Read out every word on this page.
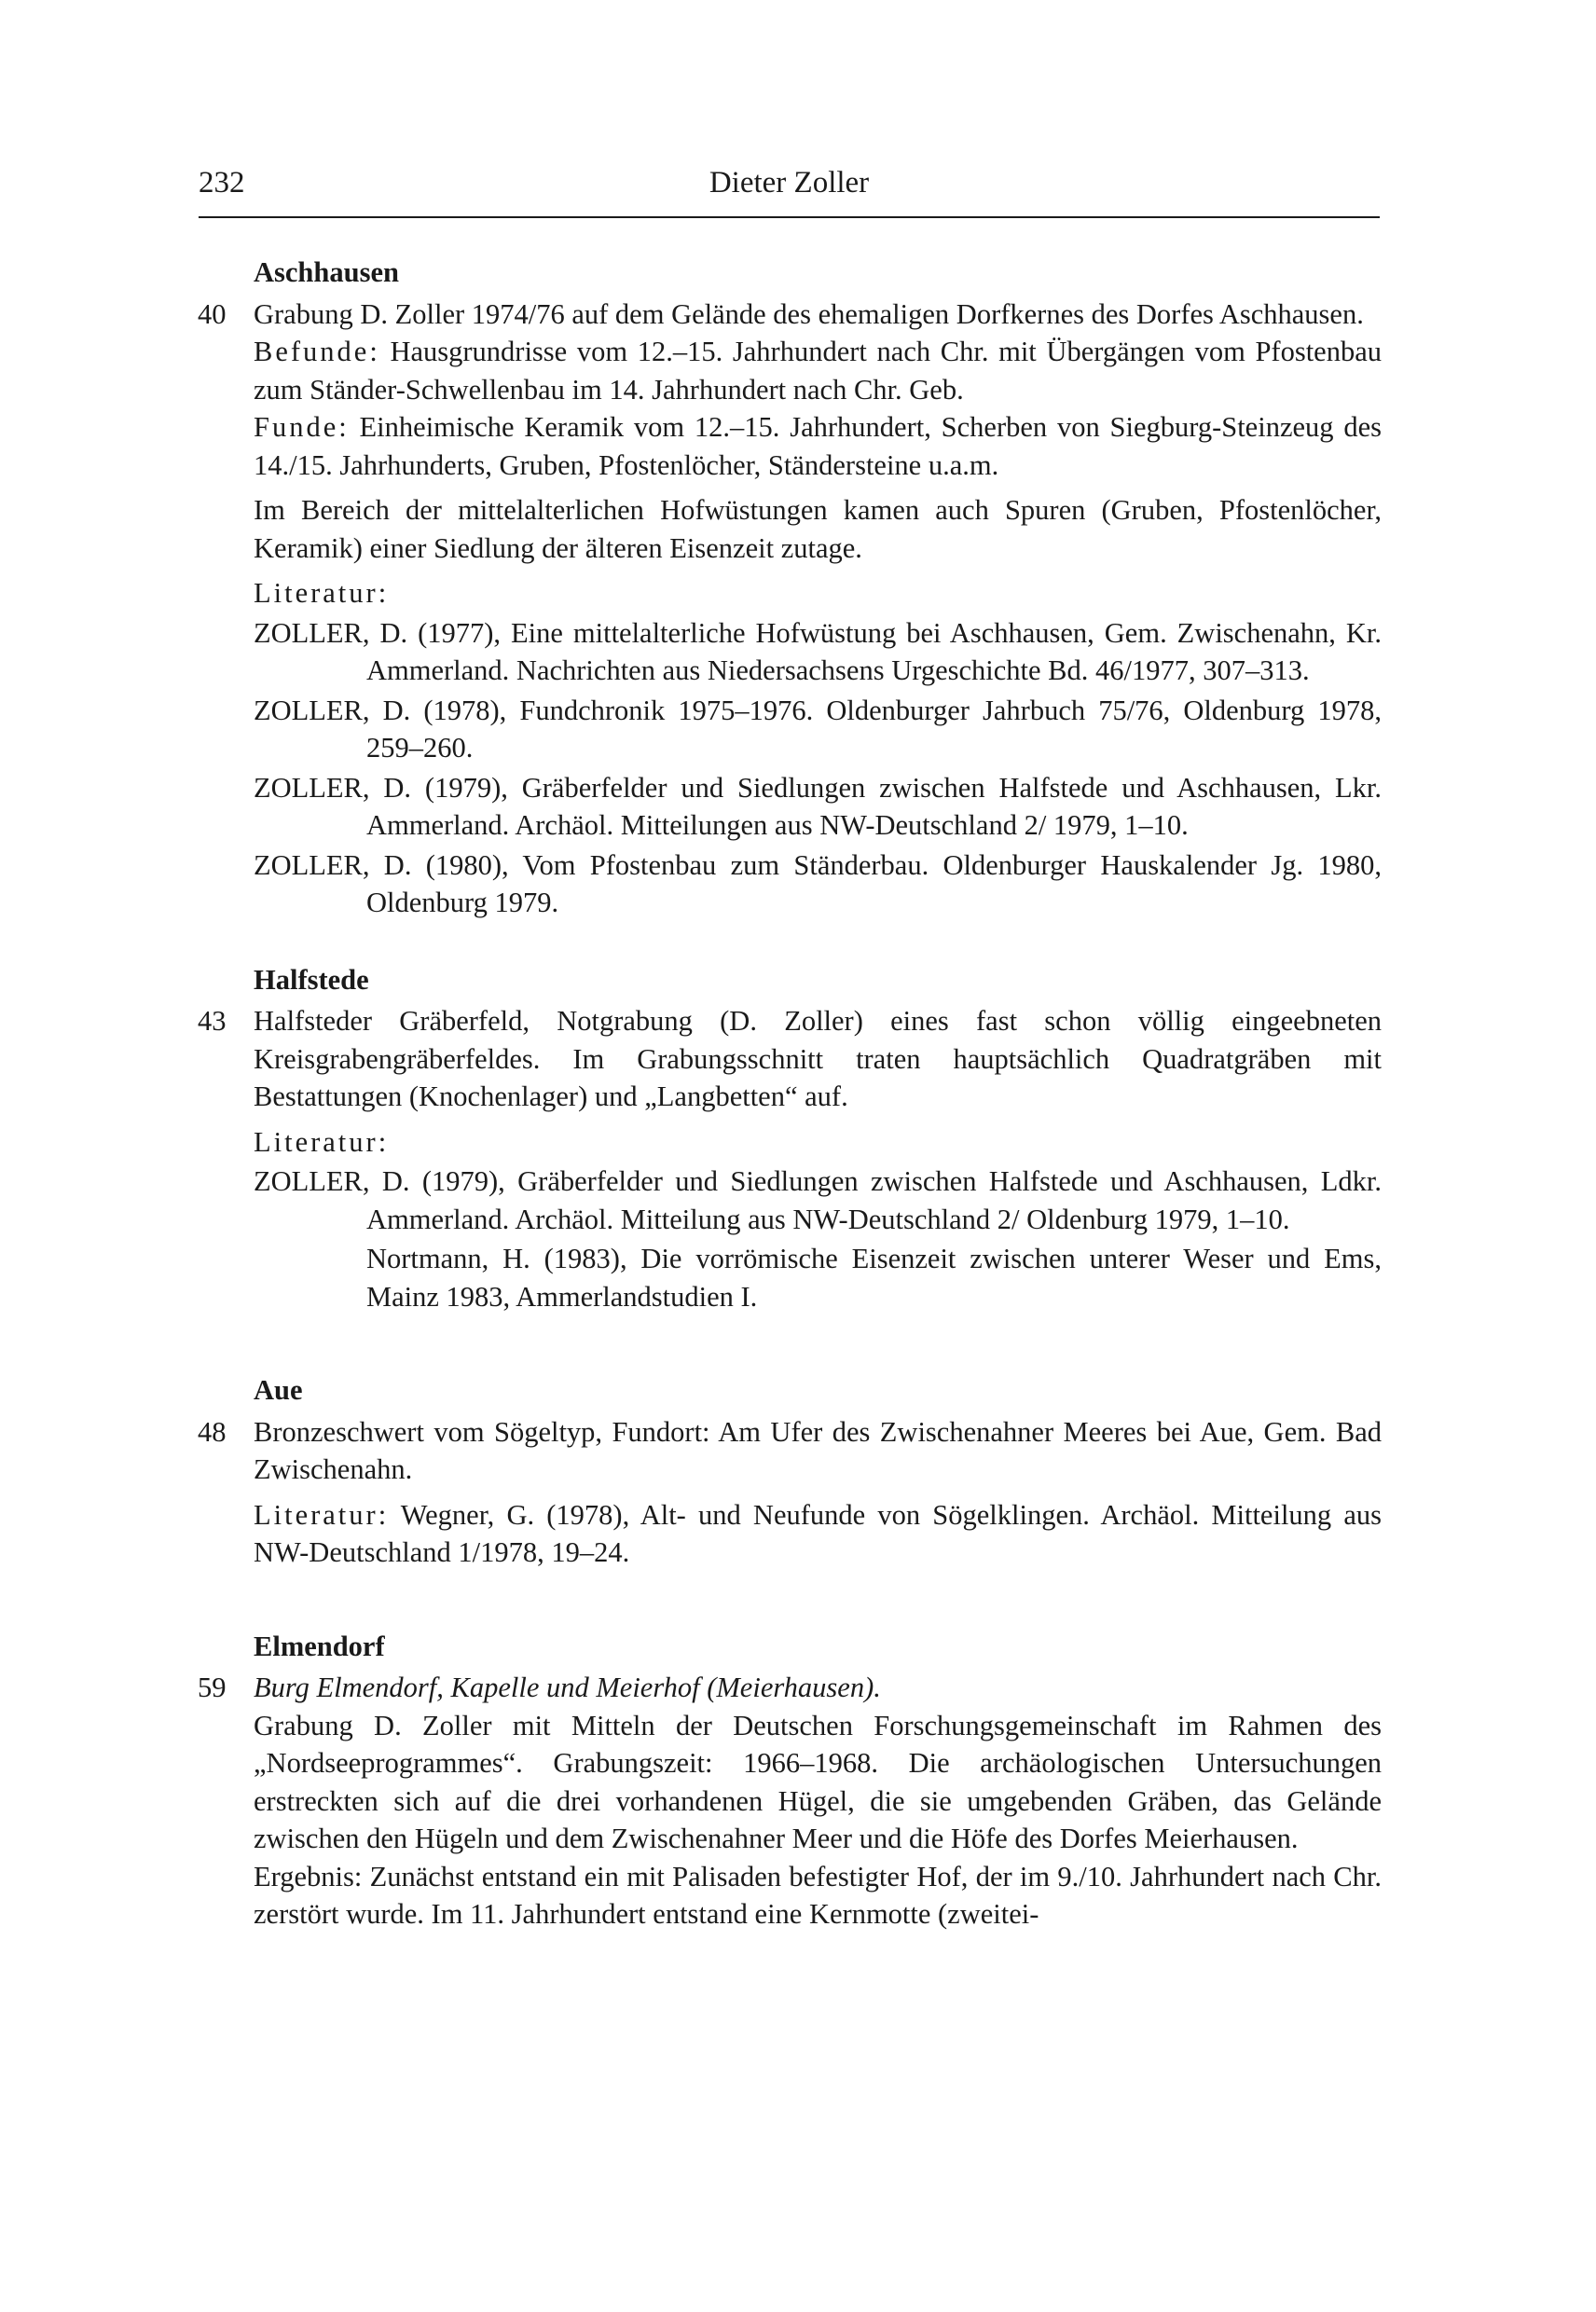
232	Dieter Zoller

Aschhausen

40 Grabung D. Zoller 1974/76 auf dem Gelände des ehemaligen Dorfkernes des Dorfes Aschhausen.

Befunde: Hausgrundrisse vom 12.–15. Jahrhundert nach Chr. mit Übergängen vom Pfostenbau zum Ständer-Schwellenbau im 14. Jahrhundert nach Chr. Geb.

Funde: Einheimische Keramik vom 12.–15. Jahrhundert, Scherben von Siegburg-Steinzeug des 14./15. Jahrhunderts, Gruben, Pfostenlöcher, Ständersteine u.a.m.

Im Bereich der mittelalterlichen Hofwüstungen kamen auch Spuren (Gruben, Pfostenlöcher, Keramik) einer Siedlung der älteren Eisenzeit zutage.

Literatur:

ZOLLER, D. (1977), Eine mittelalterliche Hofwüstung bei Aschhausen, Gem. Zwischenahn, Kr. Ammerland. Nachrichten aus Niedersachsens Urgeschichte Bd. 46/1977, 307–313.

ZOLLER, D. (1978), Fundchronik 1975–1976. Oldenburger Jahrbuch 75/76, Oldenburg 1978, 259–260.

ZOLLER, D. (1979), Gräberfelder und Siedlungen zwischen Halfstede und Aschhausen, Lkr. Ammerland. Archäol. Mitteilungen aus NW-Deutschland 2/ 1979, 1–10.

ZOLLER, D. (1980), Vom Pfostenbau zum Ständerbau. Oldenburger Hauskalender Jg. 1980, Oldenburg 1979.

Halfstede

43 Halfsteder Gräberfeld, Notgrabung (D. Zoller) eines fast schon völlig eingeebneten Kreisgrabengräberfeldes. Im Grabungsschnitt traten hauptsächlich Quadratgräben mit Bestattungen (Knochenlager) und „Langbetten“ auf.

Literatur:

ZOLLER, D. (1979), Gräberfelder und Siedlungen zwischen Halfstede und Aschhausen, Ldkr. Ammerland. Archäol. Mitteilung aus NW-Deutschland 2/ Oldenburg 1979, 1–10.

Nortmann, H. (1983), Die vorrömische Eisenzeit zwischen unterer Weser und Ems, Mainz 1983, Ammerlandstudien I.

Aue

48 Bronzeschwert vom Sögeltyp, Fundort: Am Ufer des Zwischenahner Meeres bei Aue, Gem. Bad Zwischenahn.

Literatur: Wegner, G. (1978), Alt- und Neufunde von Sögelklingen. Archäol. Mitteilung aus NW-Deutschland 1/1978, 19–24.

Elmendorf

59 Burg Elmendorf, Kapelle und Meierhof (Meierhausen).

Grabung D. Zoller mit Mitteln der Deutschen Forschungsgemeinschaft im Rahmen des „Nordseeprogrammes“. Grabungszeit: 1966–1968. Die archäologischen Untersuchungen erstreckten sich auf die drei vorhandenen Hügel, die sie umgebenden Gräben, das Gelände zwischen den Hügeln und dem Zwischenahner Meer und die Höfe des Dorfes Meierhausen.

Ergebnis: Zunächst entstand ein mit Palisaden befestigter Hof, der im 9./10. Jahrhundert nach Chr. zerstört wurde. Im 11. Jahrhundert entstand eine Kernmotte (zweitei-
